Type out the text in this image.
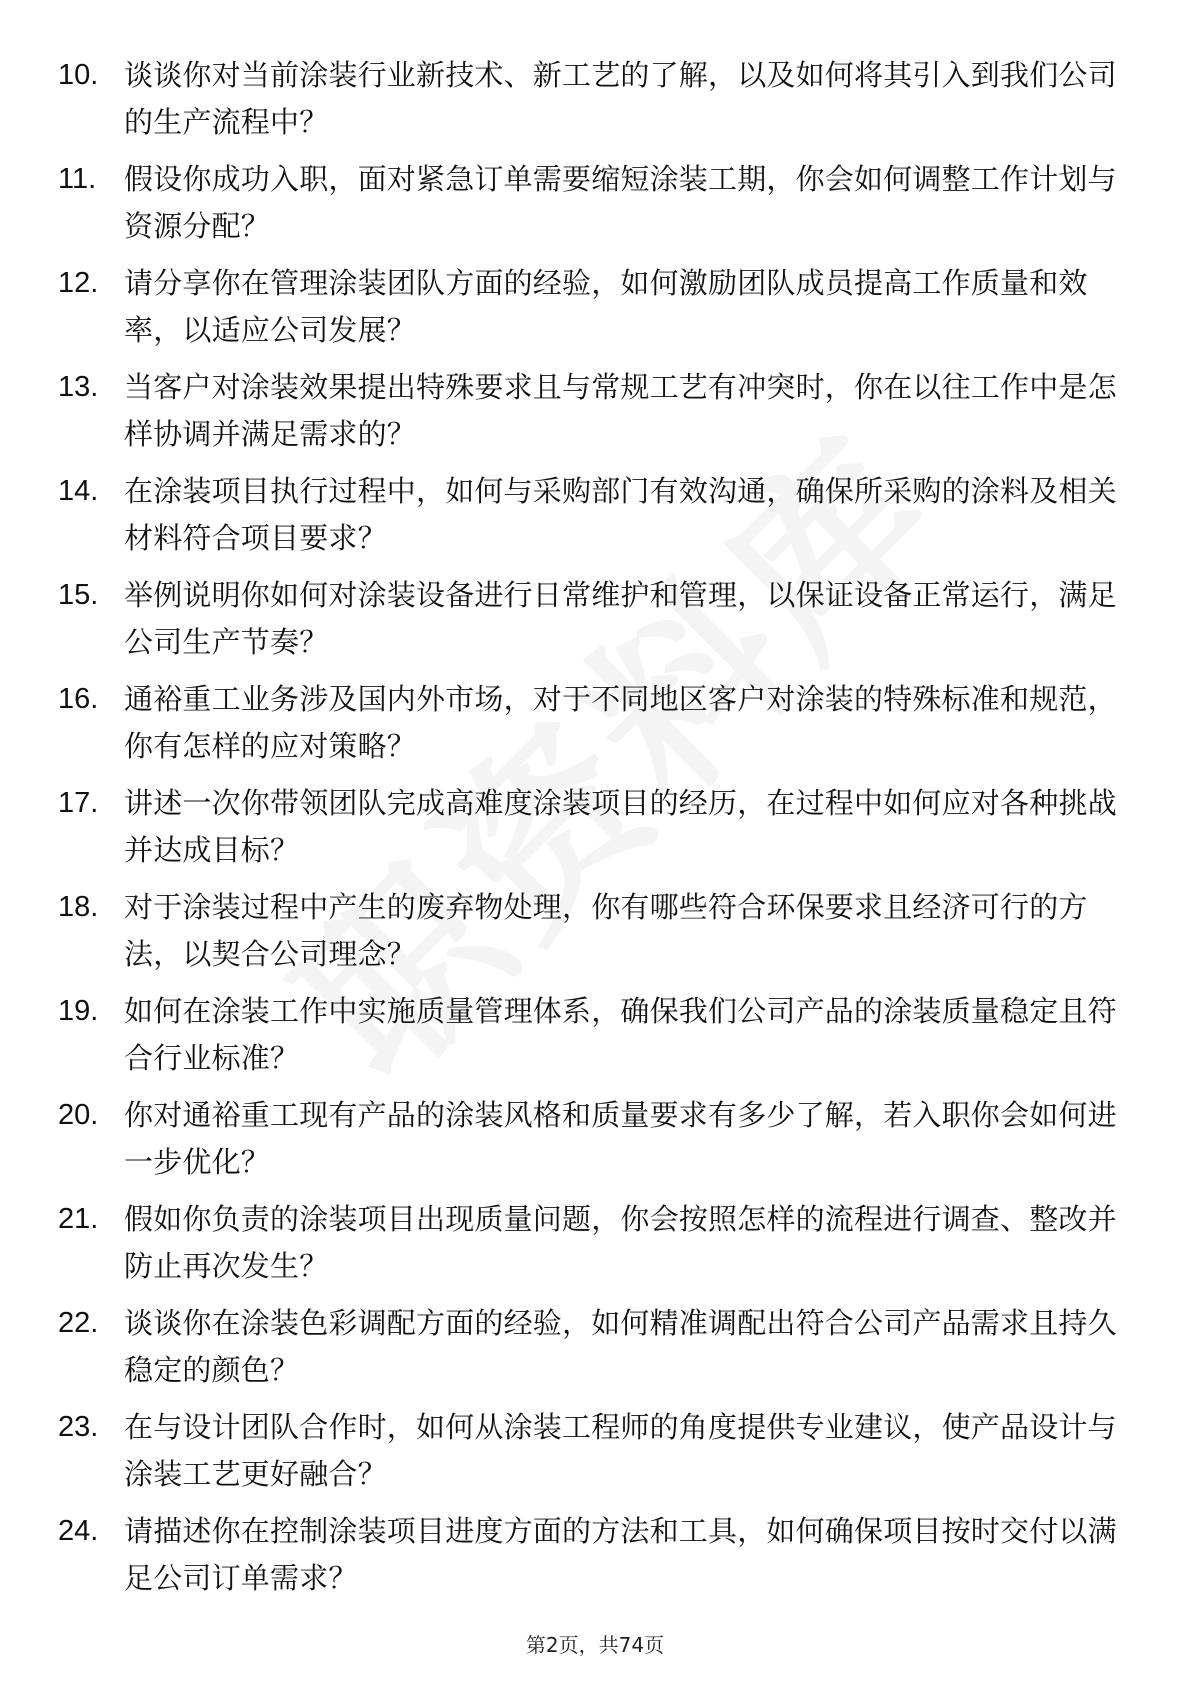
10. 谈谈你对当前涂装行业新技术、新工艺的了解，以及如何将其引入到我们公司的生产流程中？
11. 假设你成功入职，面对紧急订单需要缩短涂装工期，你会如何调整工作计划与资源分配？
12. 请分享你在管理涂装团队方面的经验，如何激励团队成员提高工作质量和效率，以适应公司发展？
13. 当客户对涂装效果提出特殊要求且与常规工艺有冲突时，你在以往工作中是怎样协调并满足需求的？
14. 在涂装项目执行过程中，如何与采购部门有效沟通，确保所采购的涂料及相关材料符合项目要求？
15. 举例说明你如何对涂装设备进行日常维护和管理，以保证设备正常运行，满足公司生产节奏？
16. 通裕重工业务涉及国内外市场，对于不同地区客户对涂装的特殊标准和规范，你有怎样的应对策略？
17. 讲述一次你带领团队完成高难度涂装项目的经历，在过程中如何应对各种挑战并达成目标？
18. 对于涂装过程中产生的废弃物处理，你有哪些符合环保要求且经济可行的方法，以契合公司理念？
19. 如何在涂装工作中实施质量管理体系，确保我们公司产品的涂装质量稳定且符合行业标准？
20. 你对通裕重工现有产品的涂装风格和质量要求有多少了解，若入职你会如何进一步优化？
21. 假如你负责的涂装项目出现质量问题，你会按照怎样的流程进行调查、整改并防止再次发生？
22. 谈谈你在涂装色彩调配方面的经验，如何精准调配出符合公司产品需求且持久稳定的颜色？
23. 在与设计团队合作时，如何从涂装工程师的角度提供专业建议，使产品设计与涂装工艺更好融合？
24. 请描述你在控制涂装项目进度方面的方法和工具，如何确保项目按时交付以满足公司订单需求？
第2页，共74页
